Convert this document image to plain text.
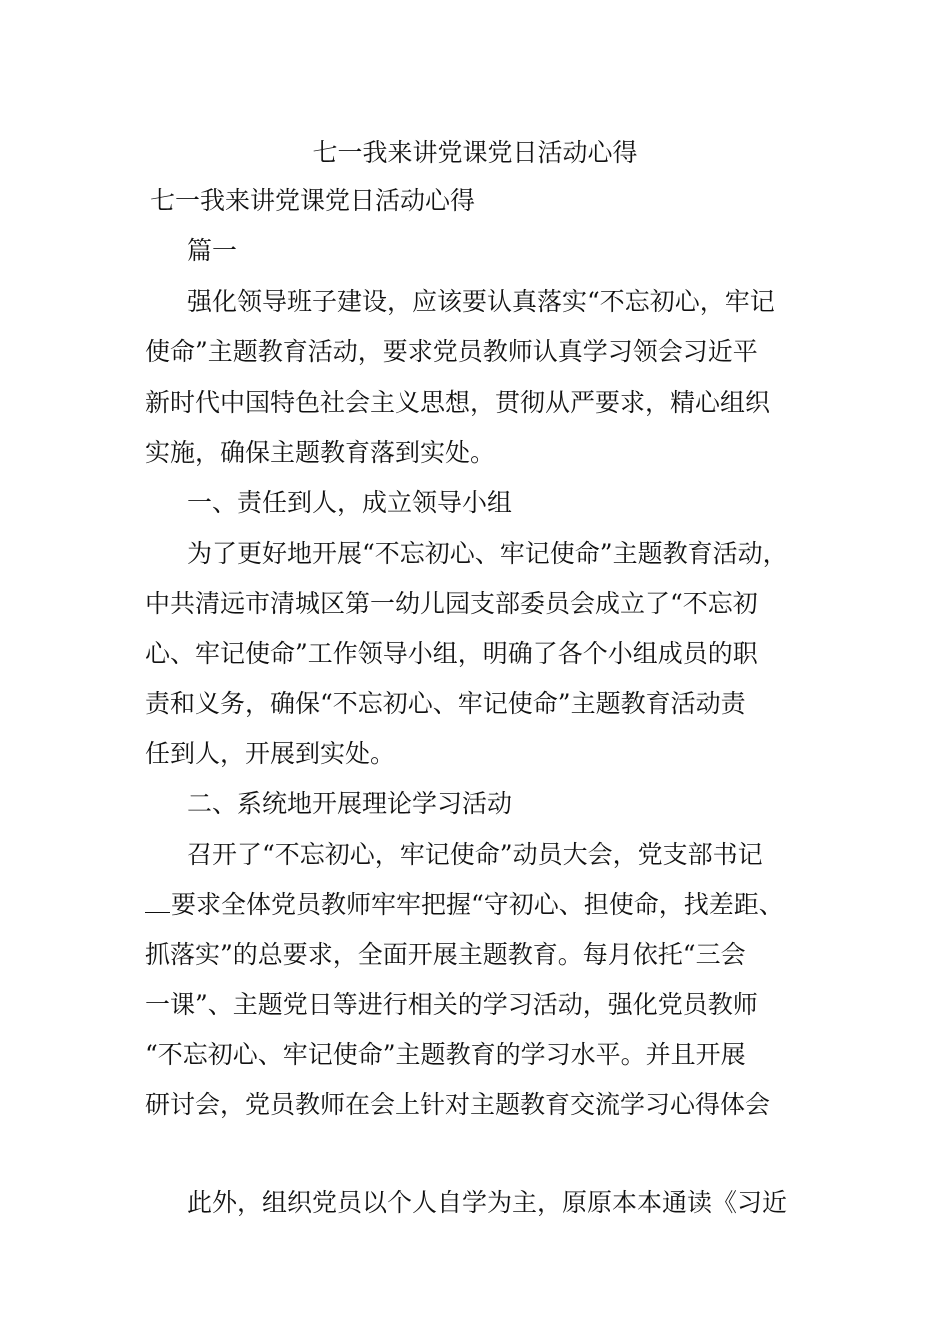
七一我来讲党课党日活动心得
七一我来讲党课党日活动心得
篇一
强化领导班子建设，应该要认真落实“不忘初心，牢记
使命”主题教育活动，要求党员教师认真学习领会习近平
新时代中国特色社会主义思想，贯彻从严要求，精心组织
实施，确保主题教育落到实处。
一、责任到人，成立领导小组
为了更好地开展“不忘初心、牢记使命”主题教育活动，
中共清远市清城区第一幼儿园支部委员会成立了“不忘初
心、牢记使命”工作领导小组，明确了各个小组成员的职
责和义务，确保“不忘初心、牢记使命”主题教育活动责
任到人，开展到实处。
二、系统地开展理论学习活动
召开了“不忘初心，牢记使命”动员大会，党支部书记
要求全体党员教师牢牢把握“守初心、担使命，找差距、
抓落实”的总要求，全面开展主题教育。每月依托“三会
一课”、主题党日等进行相关的学习活动，强化党员教师
“不忘初心、牢记使命”主题教育的学习水平。并且开展
研讨会，党员教师在会上针对主题教育交流学习心得体会
此外，组织党员以个人自学为主，原原本本通读《习近
